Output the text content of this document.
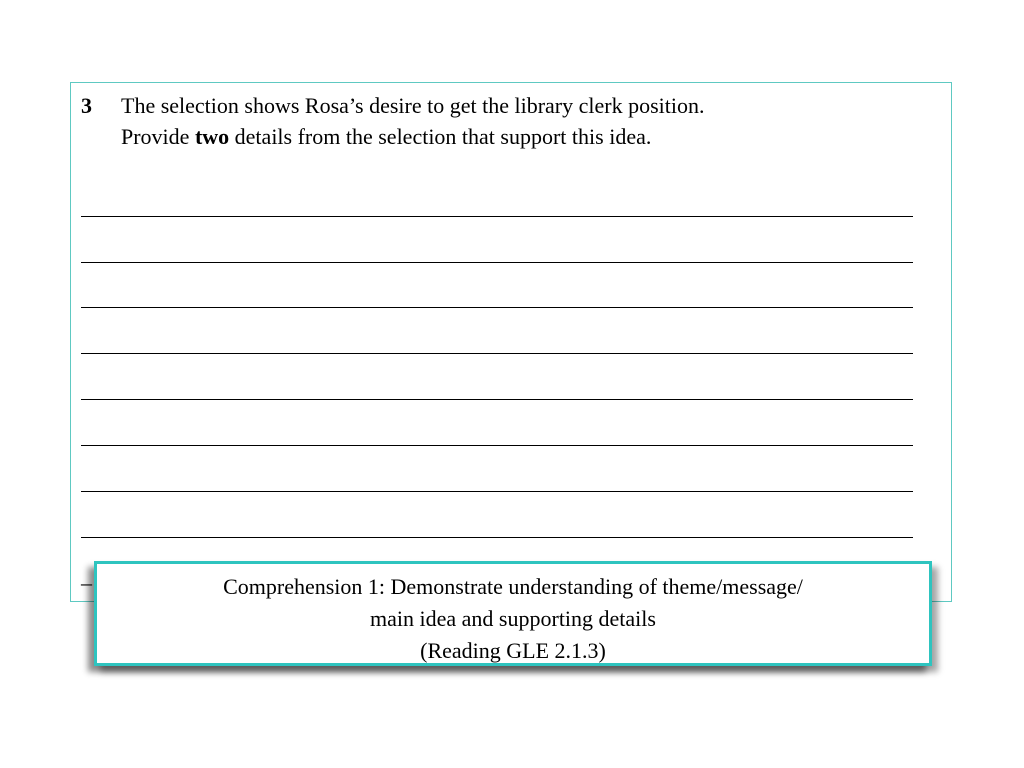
3 The selection shows Rosa’s desire to get the library clerk position.
Provide two details from the selection that support this idea.
–	Comprehension 1: Demonstrate understanding of theme/message/
main idea and supporting details
(Reading GLE 2.1.3)
